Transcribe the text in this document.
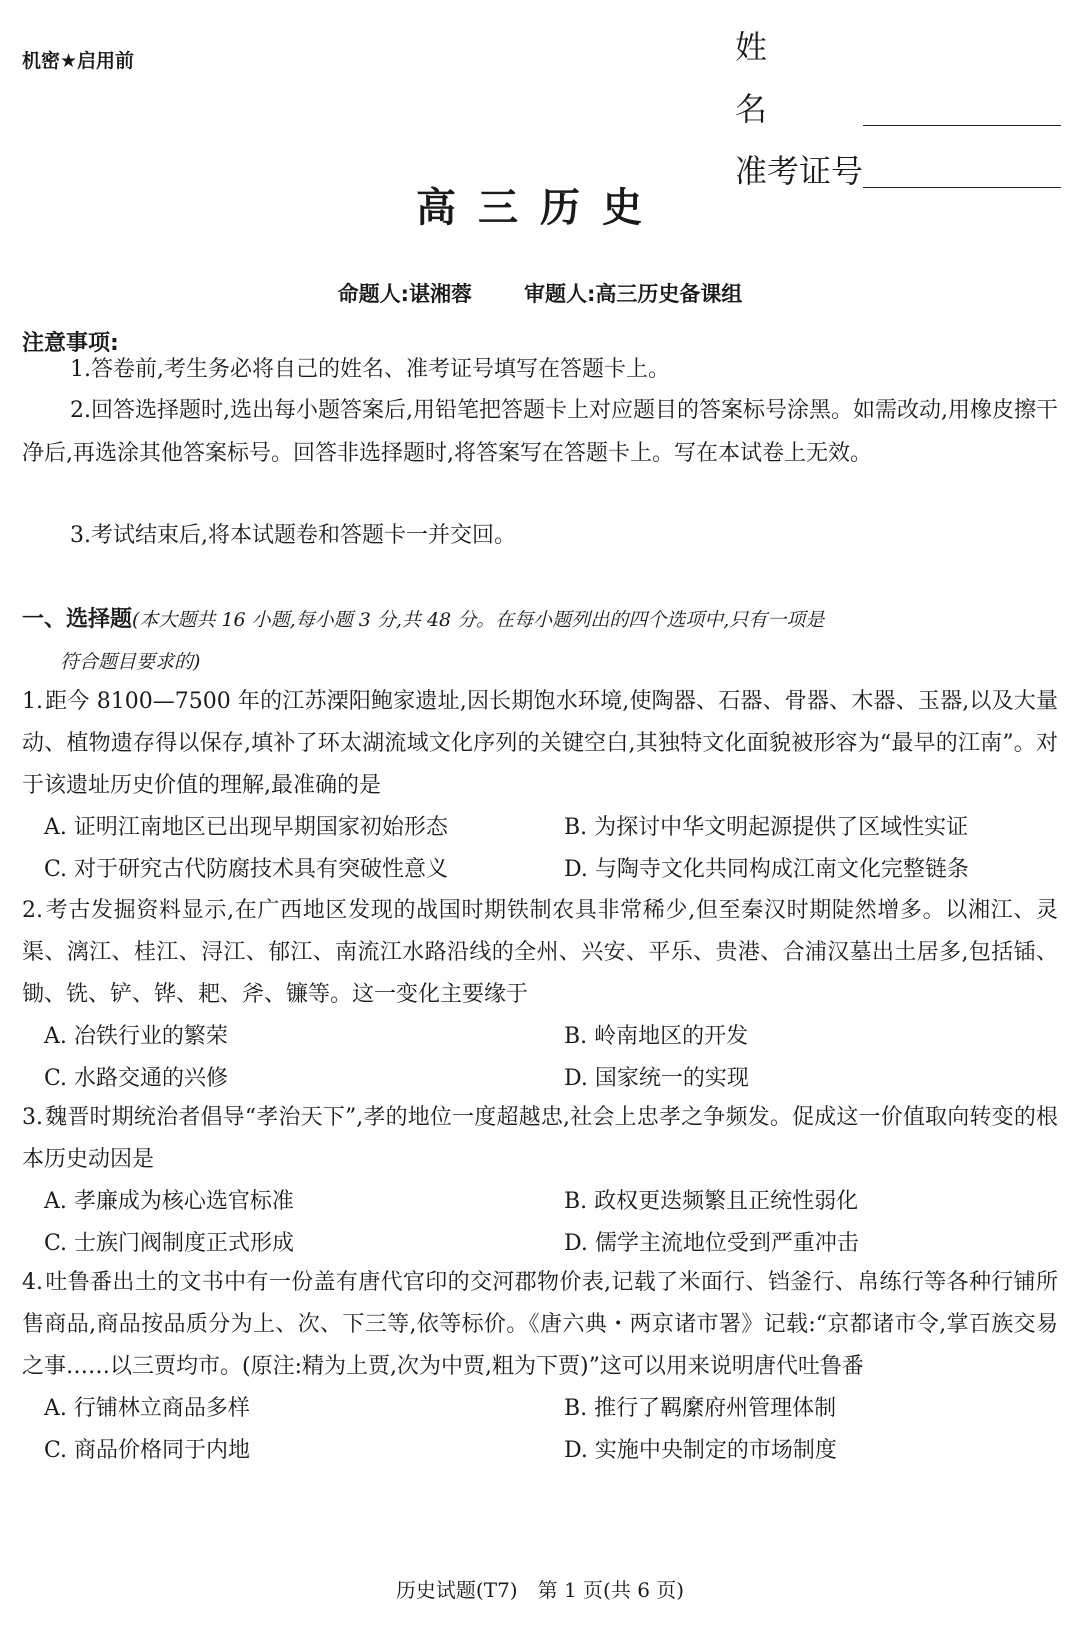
机密★启用前	姓名
准考证号
高三历史
命题人:谌湘蓉 审题人:高三历史备课组
注意事项:
1.答卷前,考生务必将自己的姓名、准考证号填写在答题卡上。
2.回答选择题时,选出每小题答案后,用铅笔把答题卡上对应题目的答案标号涂黑。如需改动,用橡皮擦干净后,再选涂其他答案标号。回答非选择题时,将答案写在答题卡上。写在本试卷上无效。
3.考试结束后,将本试题卷和答题卡一并交回。
一、选择题(本大题共 16 小题,每小题 3 分,共 48 分。在每小题列出的四个选项中,只有一项是
符合题目要求的)
1.距今 8100—7500 年的江苏溧阳鲍家遗址,因长期饱水环境,使陶器、石器、骨器、木器、玉器,以及大量动、植物遗存得以保存,填补了环太湖流域文化序列的关键空白,其独特文化面貌被形容为“最早的江南”。对于该遗址历史价值的理解,最准确的是
A. 证明江南地区已出现早期国家初始形态	B. 为探讨中华文明起源提供了区域性实证
C. 对于研究古代防腐技术具有突破性意义	D. 与陶寺文化共同构成江南文化完整链条
2.考古发掘资料显示,在广西地区发现的战国时期铁制农具非常稀少,但至秦汉时期陡然增多。以湘江、灵渠、漓江、桂江、浔江、郁江、南流江水路沿线的全州、兴安、平乐、贵港、合浦汉墓出土居多,包括锸、锄、铣、铲、铧、耙、斧、镰等。这一变化主要缘于
A. 冶铁行业的繁荣	B. 岭南地区的开发
C. 水路交通的兴修	D. 国家统一的实现
3.魏晋时期统治者倡导“孝治天下”,孝的地位一度超越忠,社会上忠孝之争频发。促成这一价值取向转变的根本历史动因是
A. 孝廉成为核心选官标准	B. 政权更迭频繁且正统性弱化
C. 士族门阀制度正式形成	D. 儒学主流地位受到严重冲击
4.吐鲁番出土的文书中有一份盖有唐代官印的交河郡物价表,记载了米面行、铛釜行、帛练行等各种行铺所售商品,商品按品质分为上、次、下三等,依等标价。《唐六典・两京诸市署》记载:“京都诸市令,掌百族交易之事……以三贾均市。(原注:精为上贾,次为中贾,粗为下贾)”这可以用来说明唐代吐鲁番
A. 行铺林立商品多样	B. 推行了羁縻府州管理体制
C. 商品价格同于内地	D. 实施中央制定的市场制度
历史试题(T7)　第 1 页(共 6 页)
